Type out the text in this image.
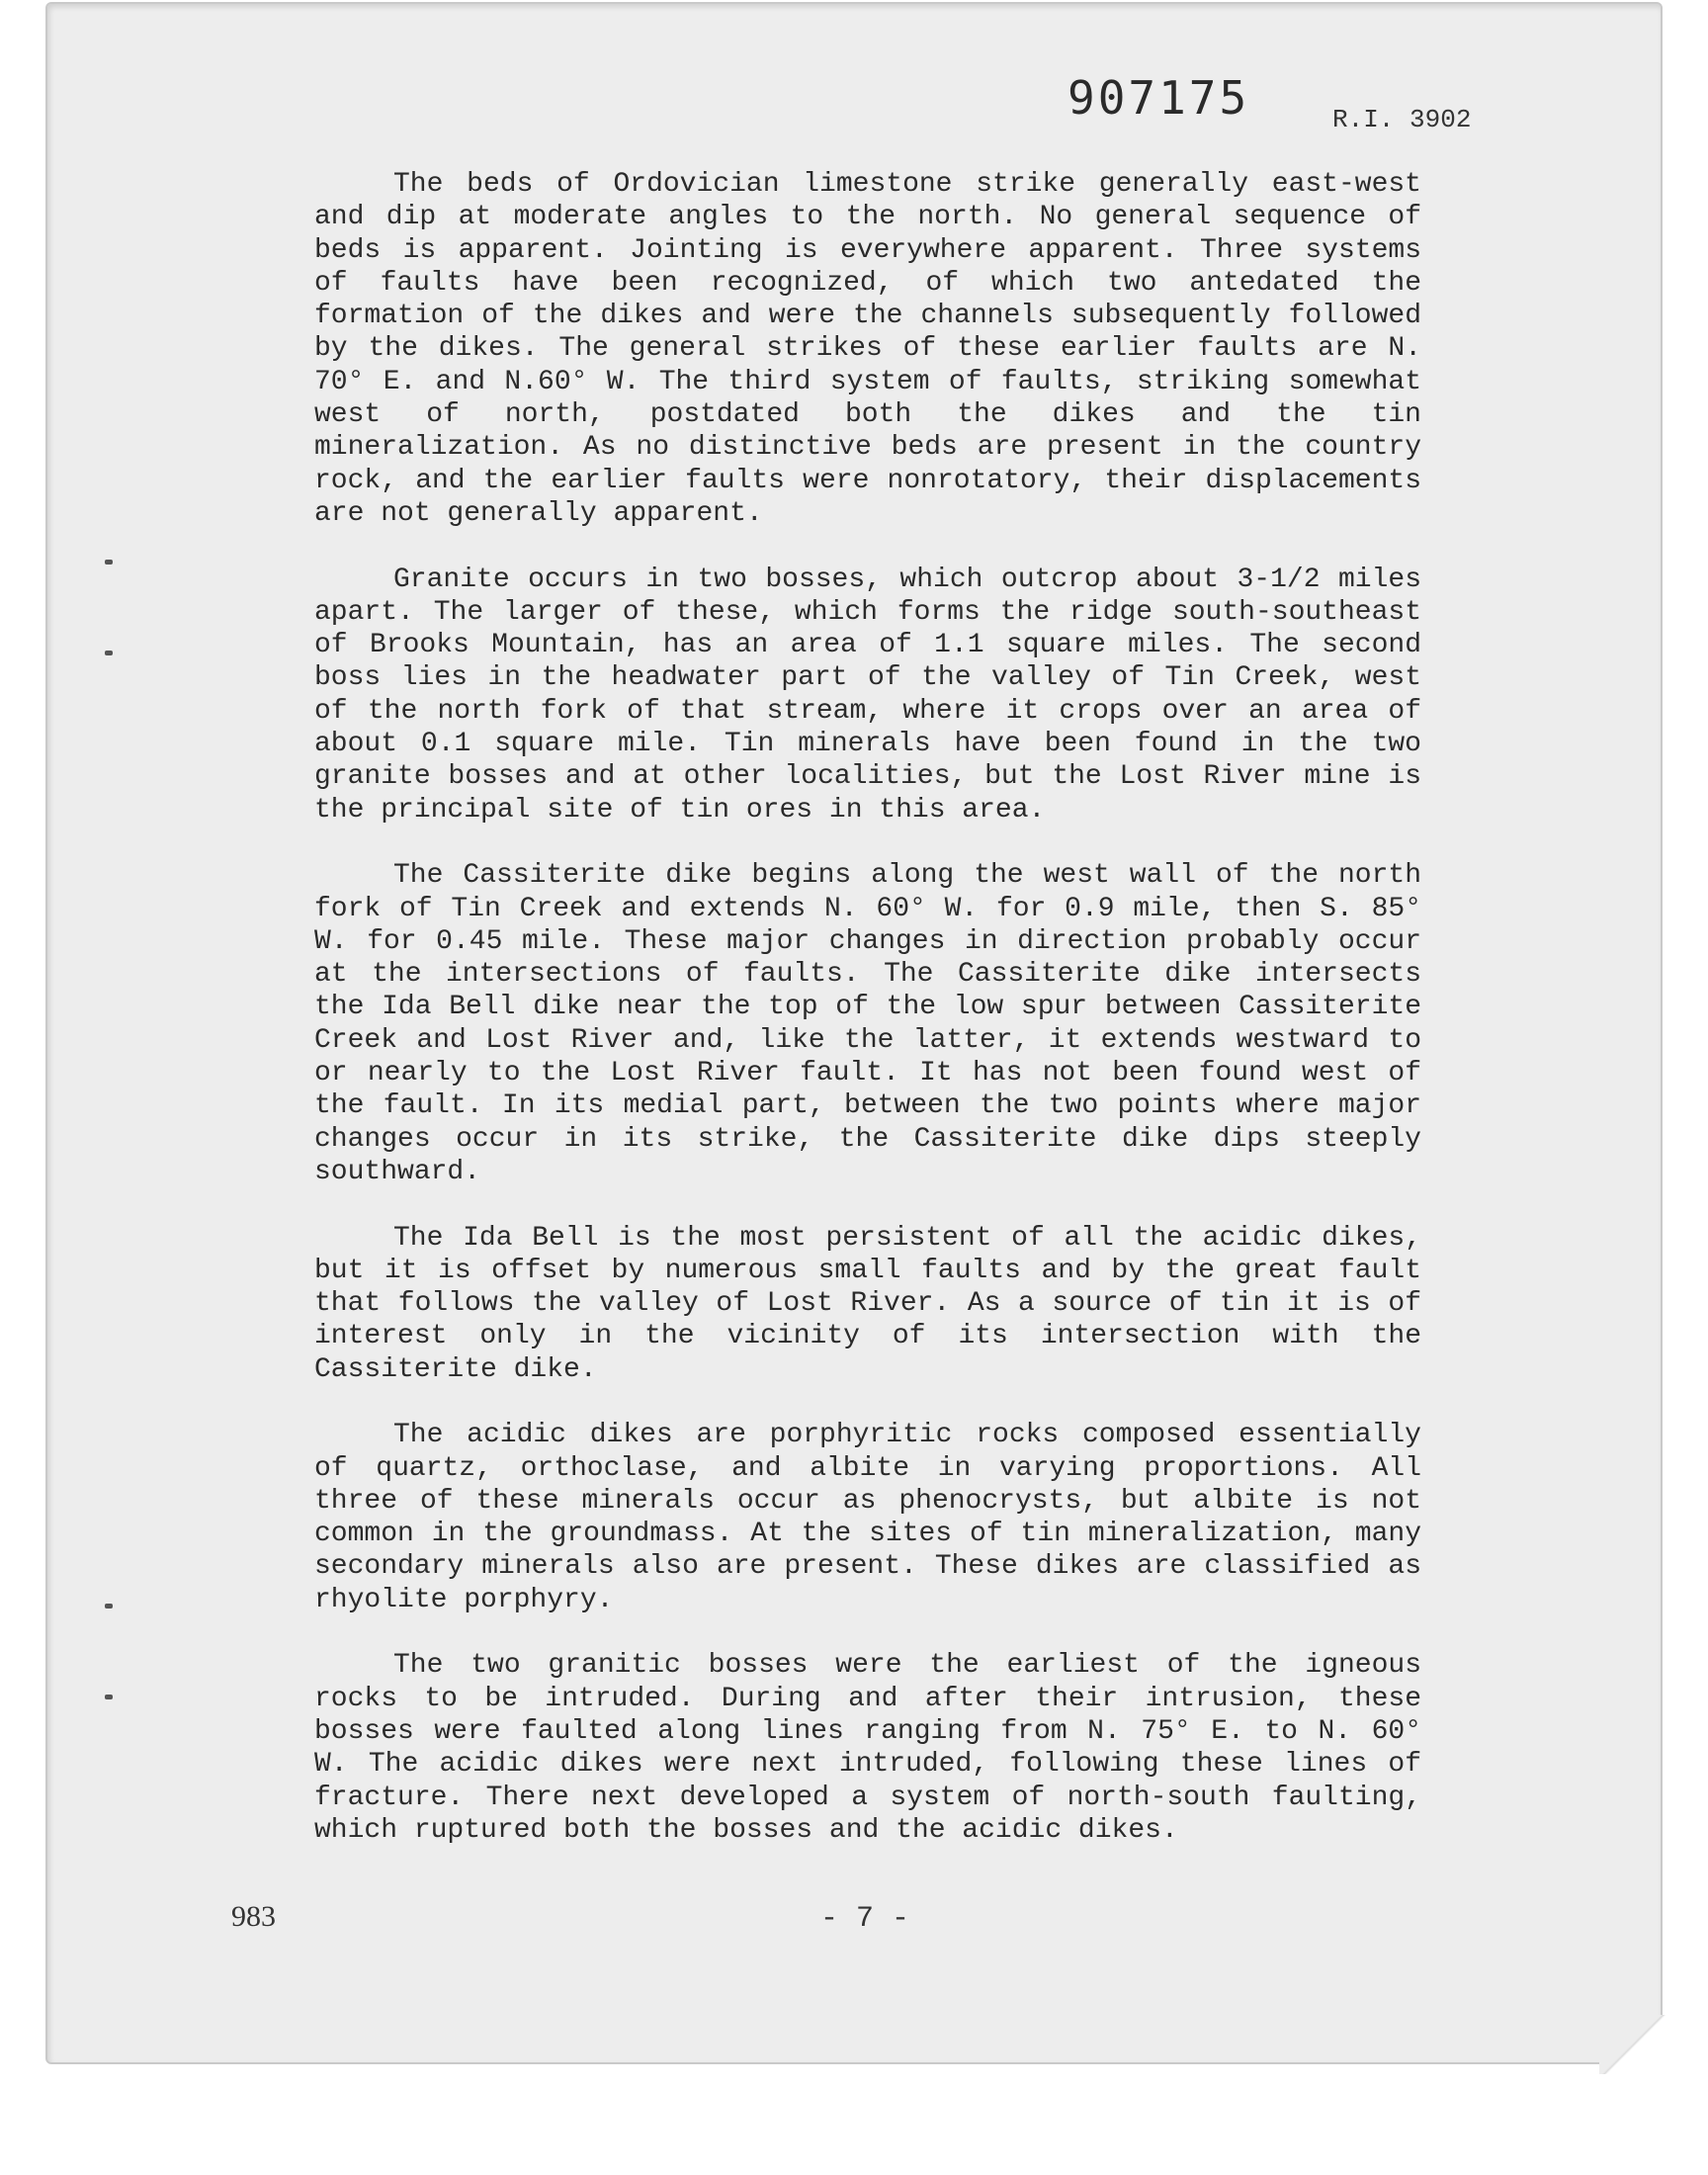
907175	R.I. 3902

The beds of Ordovician limestone strike generally east-west and dip at moderate angles to the north. No general sequence of beds is apparent. Jointing is everywhere apparent. Three systems of faults have been recognized, of which two antedated the formation of the dikes and were the channels subsequently followed by the dikes. The general strikes of these earlier faults are N. 70° E. and N.60° W. The third system of faults, striking somewhat west of north, postdated both the dikes and the tin mineralization. As no distinctive beds are present in the country rock, and the earlier faults were nonrotatory, their displacements are not generally apparent.

Granite occurs in two bosses, which outcrop about 3-1/2 miles apart. The larger of these, which forms the ridge south-southeast of Brooks Mountain, has an area of 1.1 square miles. The second boss lies in the headwater part of the valley of Tin Creek, west of the north fork of that stream, where it crops over an area of about 0.1 square mile. Tin minerals have been found in the two granite bosses and at other localities, but the Lost River mine is the principal site of tin ores in this area.

The Cassiterite dike begins along the west wall of the north fork of Tin Creek and extends N. 60° W. for 0.9 mile, then S. 85° W. for 0.45 mile. These major changes in direction probably occur at the intersections of faults. The Cassiterite dike intersects the Ida Bell dike near the top of the low spur between Cassiterite Creek and Lost River and, like the latter, it extends westward to or nearly to the Lost River fault. It has not been found west of the fault. In its medial part, between the two points where major changes occur in its strike, the Cassiterite dike dips steeply southward.

The Ida Bell is the most persistent of all the acidic dikes, but it is offset by numerous small faults and by the great fault that follows the valley of Lost River. As a source of tin it is of interest only in the vicinity of its intersection with the Cassiterite dike.

The acidic dikes are porphyritic rocks composed essentially of quartz, orthoclase, and albite in varying proportions. All three of these minerals occur as phenocrysts, but albite is not common in the groundmass. At the sites of tin mineralization, many secondary minerals also are present. These dikes are classified as rhyolite porphyry.

The two granitic bosses were the earliest of the igneous rocks to be intruded. During and after their intrusion, these bosses were faulted along lines ranging from N. 75° E. to N. 60° W. The acidic dikes were next intruded, following these lines of fracture. There next developed a system of north-south faulting, which ruptured both the bosses and the acidic dikes.

983	- 7 -
